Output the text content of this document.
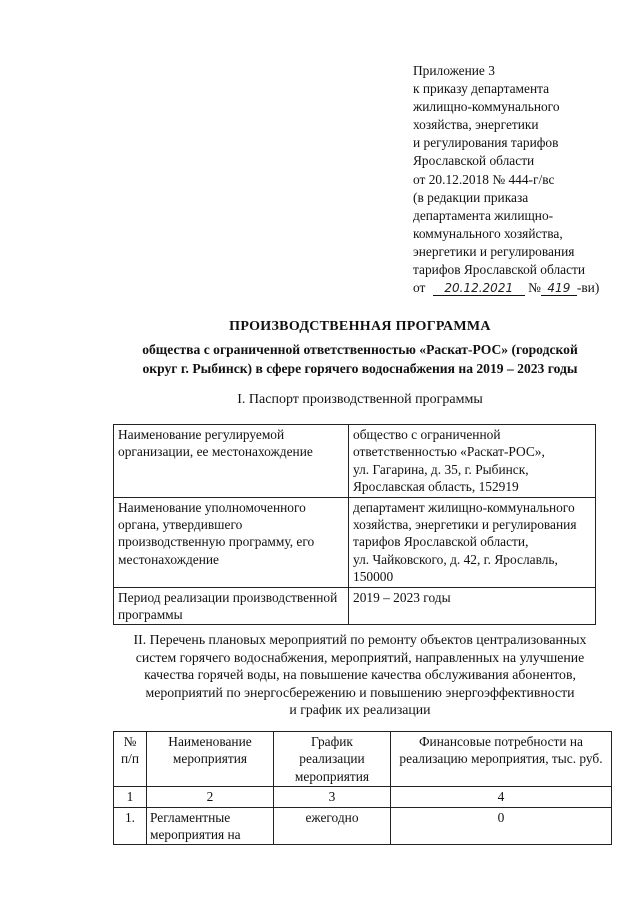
Приложение 3
к приказу департамента
жилищно-коммунального
хозяйства, энергетики
и регулирования тарифов
Ярославской области
от 20.12.2018 № 444-г/вс
(в редакции приказа
департамента жилищно-
коммунального хозяйства,
энергетики и регулирования
тарифов Ярославской области
от 20.12.2021 № 419 -ви)
ПРОИЗВОДСТВЕННАЯ ПРОГРАММА
общества с ограниченной ответственностью «Раскат-РОС» (городской
округ г. Рыбинск) в сфере горячего водоснабжения на 2019 – 2023 годы
I. Паспорт производственной программы
Наименование регулируемой организации, ее местонахождение	общество с ограниченной
ответственностью «Раскат-РОС»,
ул. Гагарина, д. 35, г. Рыбинск,
Ярославская область, 152919

Наименование уполномоченного органа, утвердившего производственную программу, его местонахождение	департамент жилищно-коммунального
хозяйства, энергетики и регулирования
тарифов Ярославской области,
ул. Чайковского, д. 42, г. Ярославль,
150000

Период реализации производственной программы	2019 – 2023 годы
II. Перечень плановых мероприятий по ремонту объектов централизованных
систем горячего водоснабжения, мероприятий, направленных на улучшение
качества горячей воды, на повышение качества обслуживания абонентов,
мероприятий по энергосбережению и повышению энергоэффективности
и график их реализации
№ п/п	Наименование мероприятия	График реализации мероприятия	Финансовые потребности на реализацию мероприятия, тыс. руб.
1	2	3	4
1.	Регламентные мероприятия на	ежегодно	0
